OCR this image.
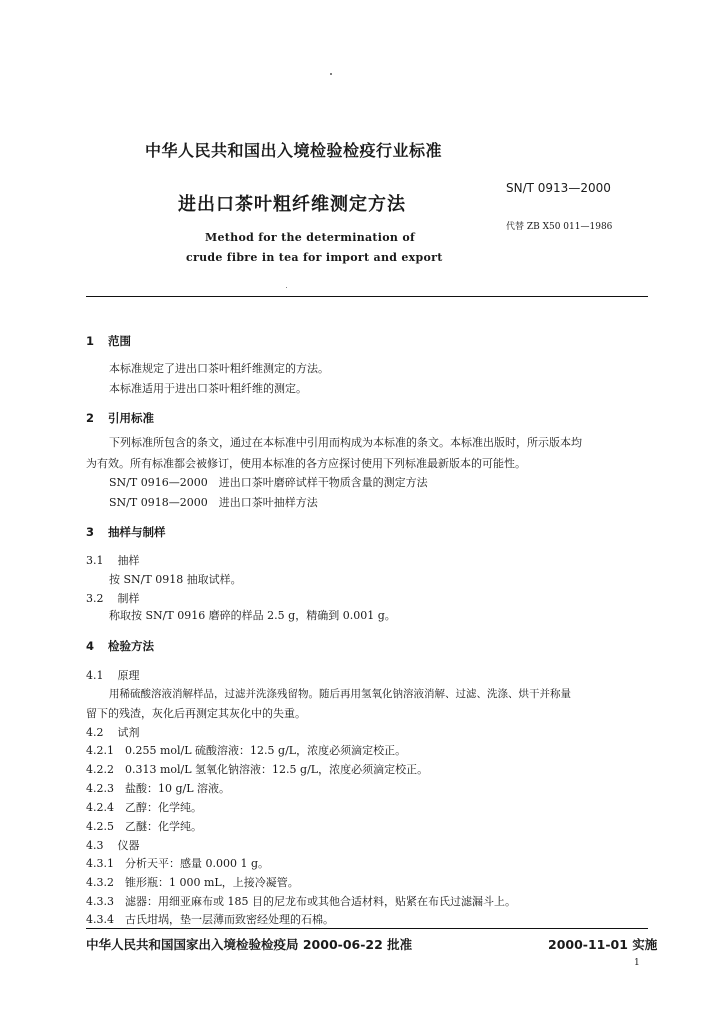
中华人民共和国出入境检验检疫行业标准
进出口茶叶粗纤维测定方法
SN/T 0913—2000
代替 ZB X50 011—1986
Method for the determination of
crude fibre in tea for import and export
1 范围
本标准规定了进出口茶叶粗纤维测定的方法。
本标准适用于进出口茶叶粗纤维的测定。
2 引用标准
下列标准所包含的条文，通过在本标准中引用而构成为本标准的条文。本标准出版时，所示版本均
为有效。所有标准都会被修订，使用本标准的各方应探讨使用下列标准最新版本的可能性。
SN/T 0916—2000　进出口茶叶磨碎试样干物质含量的测定方法
SN/T 0918—2000　进出口茶叶抽样方法
3 抽样与制样
3.1 抽样
按 SN/T 0918 抽取试样。
3.2 制样
称取按 SN/T 0916 磨碎的样品 2.5 g，精确到 0.001 g。
4 检验方法
4.1 原理
用稀硫酸溶液消解样品，过滤并洗涤残留物。随后再用氢氧化钠溶液消解、过滤、洗涤、烘干并称量
留下的残渣，灰化后再测定其灰化中的失重。
4.2 试剂
4.2.1　0.255 mol/L 硫酸溶液：12.5 g/L，浓度必须滴定校正。
4.2.2　0.313 mol/L 氢氧化钠溶液：12.5 g/L，浓度必须滴定校正。
4.2.3　盐酸：10 g/L 溶液。
4.2.4　乙醇：化学纯。
4.2.5　乙醚：化学纯。
4.3 仪器
4.3.1　分析天平：感量 0.000 1 g。
4.3.2　锥形瓶：1 000 mL，上接冷凝管。
4.3.3　滤器：用细亚麻布或 185 目的尼龙布或其他合适材料，贴紧在布氏过滤漏斗上。
4.3.4　古氏坩埚，垫一层薄而致密经处理的石棉。
中华人民共和国国家出入境检验检疫局 2000-06-22 批准	2000-11-01 实施
1
